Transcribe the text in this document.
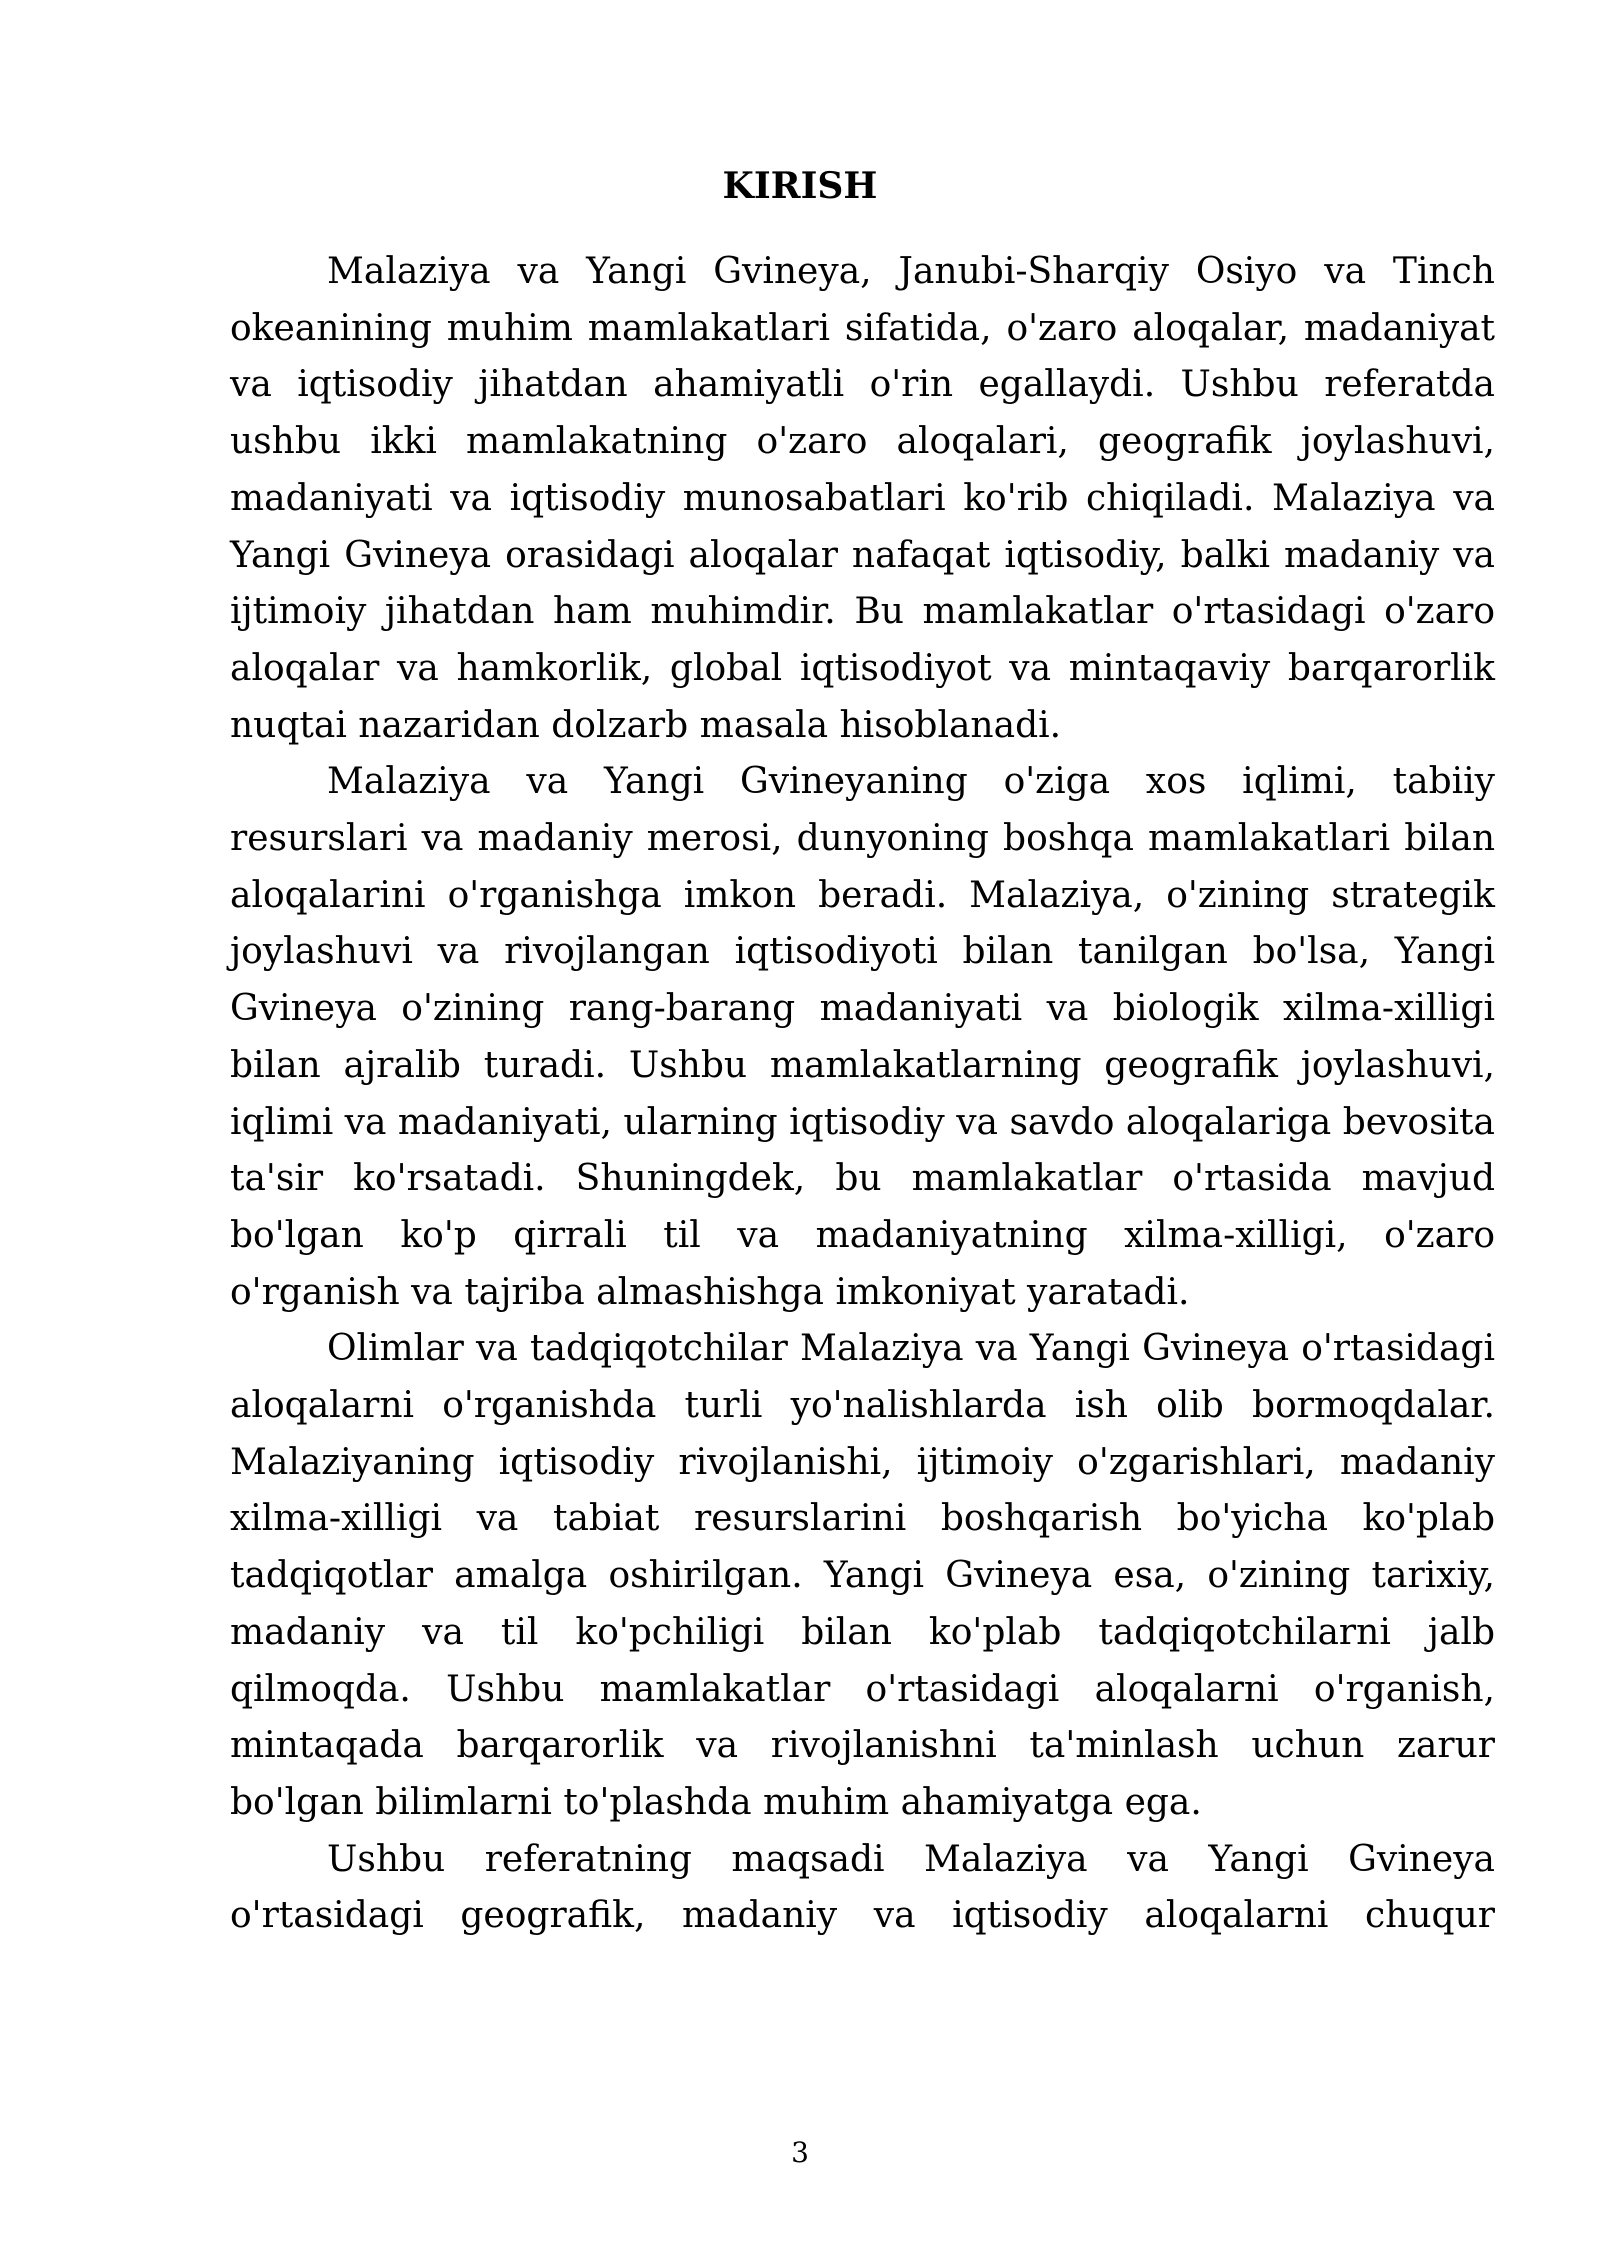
KIRISH

Malaziya va Yangi Gvineya, Janubi-Sharqiy Osiyo va Tinch okeanining muhim mamlakatlari sifatida, o'zaro aloqalar, madaniyat va iqtisodiy jihatdan ahamiyatli o'rin egallaydi. Ushbu referatda ushbu ikki mamlakatning o'zaro aloqalari, geografik joylashuvi, madaniyati va iqtisodiy munosabatlari ko'rib chiqiladi. Malaziya va Yangi Gvineya orasidagi aloqalar nafaqat iqtisodiy, balki madaniy va ijtimoiy jihatdan ham muhimdir. Bu mamlakatlar o'rtasidagi o'zaro aloqalar va hamkorlik, global iqtisodiyot va mintaqaviy barqarorlik nuqtai nazaridan dolzarb masala hisoblanadi.

Malaziya va Yangi Gvineyaning o'ziga xos iqlimi, tabiiy resurslari va madaniy merosi, dunyoning boshqa mamlakatlari bilan aloqalarini o'rganishga imkon beradi. Malaziya, o'zining strategik joylashuvi va rivojlangan iqtisodiyoti bilan tanilgan bo'lsa, Yangi Gvineya o'zining rang-barang madaniyati va biologik xilma-xilligi bilan ajralib turadi. Ushbu mamlakatlarning geografik joylashuvi, iqlimi va madaniyati, ularning iqtisodiy va savdo aloqalariga bevosita ta'sir ko'rsatadi. Shuningdek, bu mamlakatlar o'rtasida mavjud bo'lgan ko'p qirrali til va madaniyatning xilma-xilligi, o'zaro o'rganish va tajriba almashishga imkoniyat yaratadi.

Olimlar va tadqiqotchilar Malaziya va Yangi Gvineya o'rtasidagi aloqalarni o'rganishda turli yo'nalishlarda ish olib bormoqdalar. Malaziyaning iqtisodiy rivojlanishi, ijtimoiy o'zgarishlari, madaniy xilma-xilligi va tabiat resurslarini boshqarish bo'yicha ko'plab tadqiqotlar amalga oshirilgan. Yangi Gvineya esa, o'zining tarixiy, madaniy va til ko'pchiligi bilan ko'plab tadqiqotchilarni jalb qilmoqda. Ushbu mamlakatlar o'rtasidagi aloqalarni o'rganish, mintaqada barqarorlik va rivojlanishni ta'minlash uchun zarur bo'lgan bilimlarni to'plashda muhim ahamiyatga ega.

Ushbu referatning maqsadi Malaziya va Yangi Gvineya o'rtasidagi geografik, madaniy va iqtisodiy aloqalarni chuqur

3
